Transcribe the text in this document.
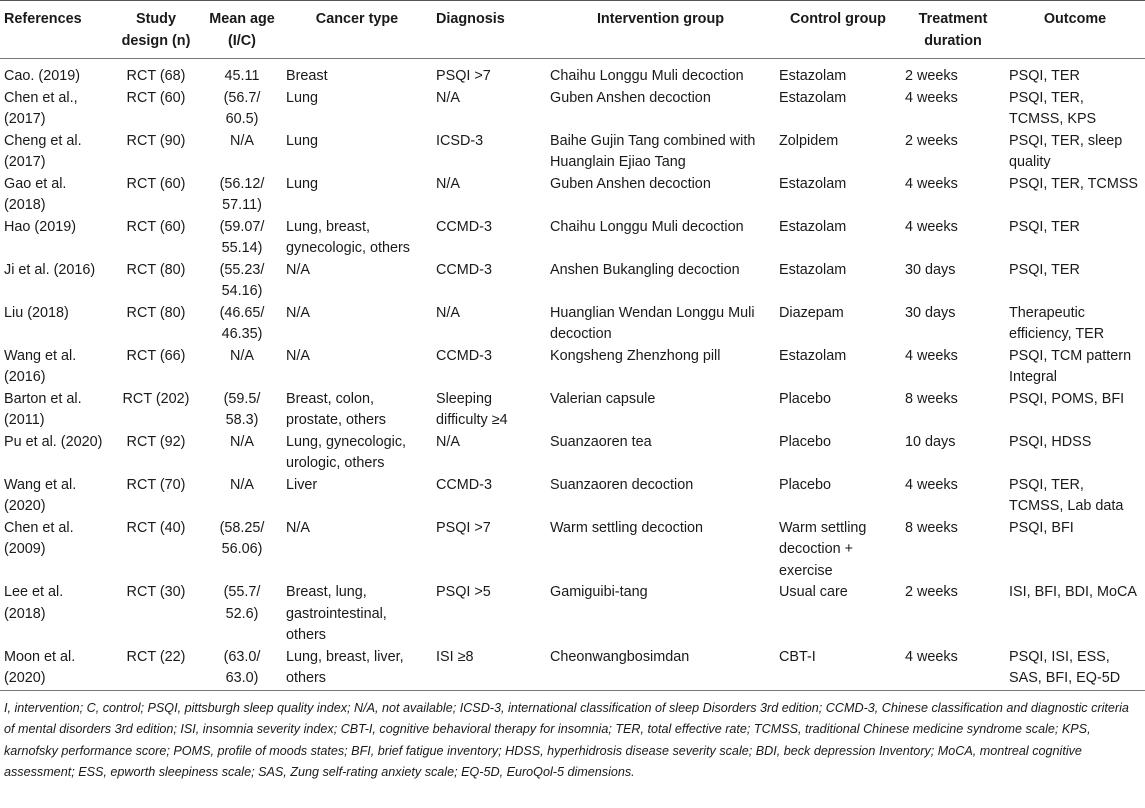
References	Study design (n)	Mean age (I/C)	Cancer type	Diagnosis	Intervention group	Control group	Treatment duration	Outcome
Cao. (2019)	RCT (68)	45.11	Breast	PSQI >7	Chaihu Longgu Muli decoction	Estazolam	2 weeks	PSQI, TER
Chen et al., (2017)	RCT (60)	(56.7/ 60.5)	Lung	N/A	Guben Anshen decoction	Estazolam	4 weeks	PSQI, TER, TCMSS, KPS
Cheng et al. (2017)	RCT (90)	N/A	Lung	ICSD-3	Baihe Gujin Tang combined with Huanglain Ejiao Tang	Zolpidem	2 weeks	PSQI, TER, sleep quality
Gao et al. (2018)	RCT (60)	(56.12/ 57.11)	Lung	N/A	Guben Anshen decoction	Estazolam	4 weeks	PSQI, TER, TCMSS
Hao (2019)	RCT (60)	(59.07/ 55.14)	Lung, breast, gynecologic, others	CCMD-3	Chaihu Longgu Muli decoction	Estazolam	4 weeks	PSQI, TER
Ji et al. (2016)	RCT (80)	(55.23/ 54.16)	N/A	CCMD-3	Anshen Bukangling decoction	Estazolam	30 days	PSQI, TER
Liu (2018)	RCT (80)	(46.65/ 46.35)	N/A	N/A	Huanglian Wendan Longgu Muli decoction	Diazepam	30 days	Therapeutic efficiency, TER
Wang et al. (2016)	RCT (66)	N/A	N/A	CCMD-3	Kongsheng Zhenzhong pill	Estazolam	4 weeks	PSQI, TCM pattern Integral
Barton et al. (2011)	RCT (202)	(59.5/ 58.3)	Breast, colon, prostate, others	Sleeping difficulty ≥4	Valerian capsule	Placebo	8 weeks	PSQI, POMS, BFI
Pu et al. (2020)	RCT (92)	N/A	Lung, gynecologic, urologic, others	N/A	Suanzaoren tea	Placebo	10 days	PSQI, HDSS
Wang et al. (2020)	RCT (70)	N/A	Liver	CCMD-3	Suanzaoren decoction	Placebo	4 weeks	PSQI, TER, TCMSS, Lab data
Chen et al. (2009)	RCT (40)	(58.25/ 56.06)	N/A	PSQI >7	Warm settling decoction	Warm settling decoction + exercise	8 weeks	PSQI, BFI
Lee et al. (2018)	RCT (30)	(55.7/ 52.6)	Breast, lung, gastrointestinal, others	PSQI >5	Gamiguibi-tang	Usual care	2 weeks	ISI, BFI, BDI, MoCA
Moon et al. (2020)	RCT (22)	(63.0/ 63.0)	Lung, breast, liver, others	ISI ≥8	Cheonwangbosimdan	CBT-I	4 weeks	PSQI, ISI, ESS, SAS, BFI, EQ-5D
I, intervention; C, control; PSQI, pittsburgh sleep quality index; N/A, not available; ICSD-3, international classification of sleep Disorders 3rd edition; CCMD-3, Chinese classification and diagnostic criteria of mental disorders 3rd edition; ISI, insomnia severity index; CBT-I, cognitive behavioral therapy for insomnia; TER, total effective rate; TCMSS, traditional Chinese medicine syndrome scale; KPS, karnofsky performance score; POMS, profile of moods states; BFI, brief fatigue inventory; HDSS, hyperhidrosis disease severity scale; BDI, beck depression Inventory; MoCA, montreal cognitive assessment; ESS, epworth sleepiness scale; SAS, Zung self-rating anxiety scale; EQ-5D, EuroQol-5 dimensions.
